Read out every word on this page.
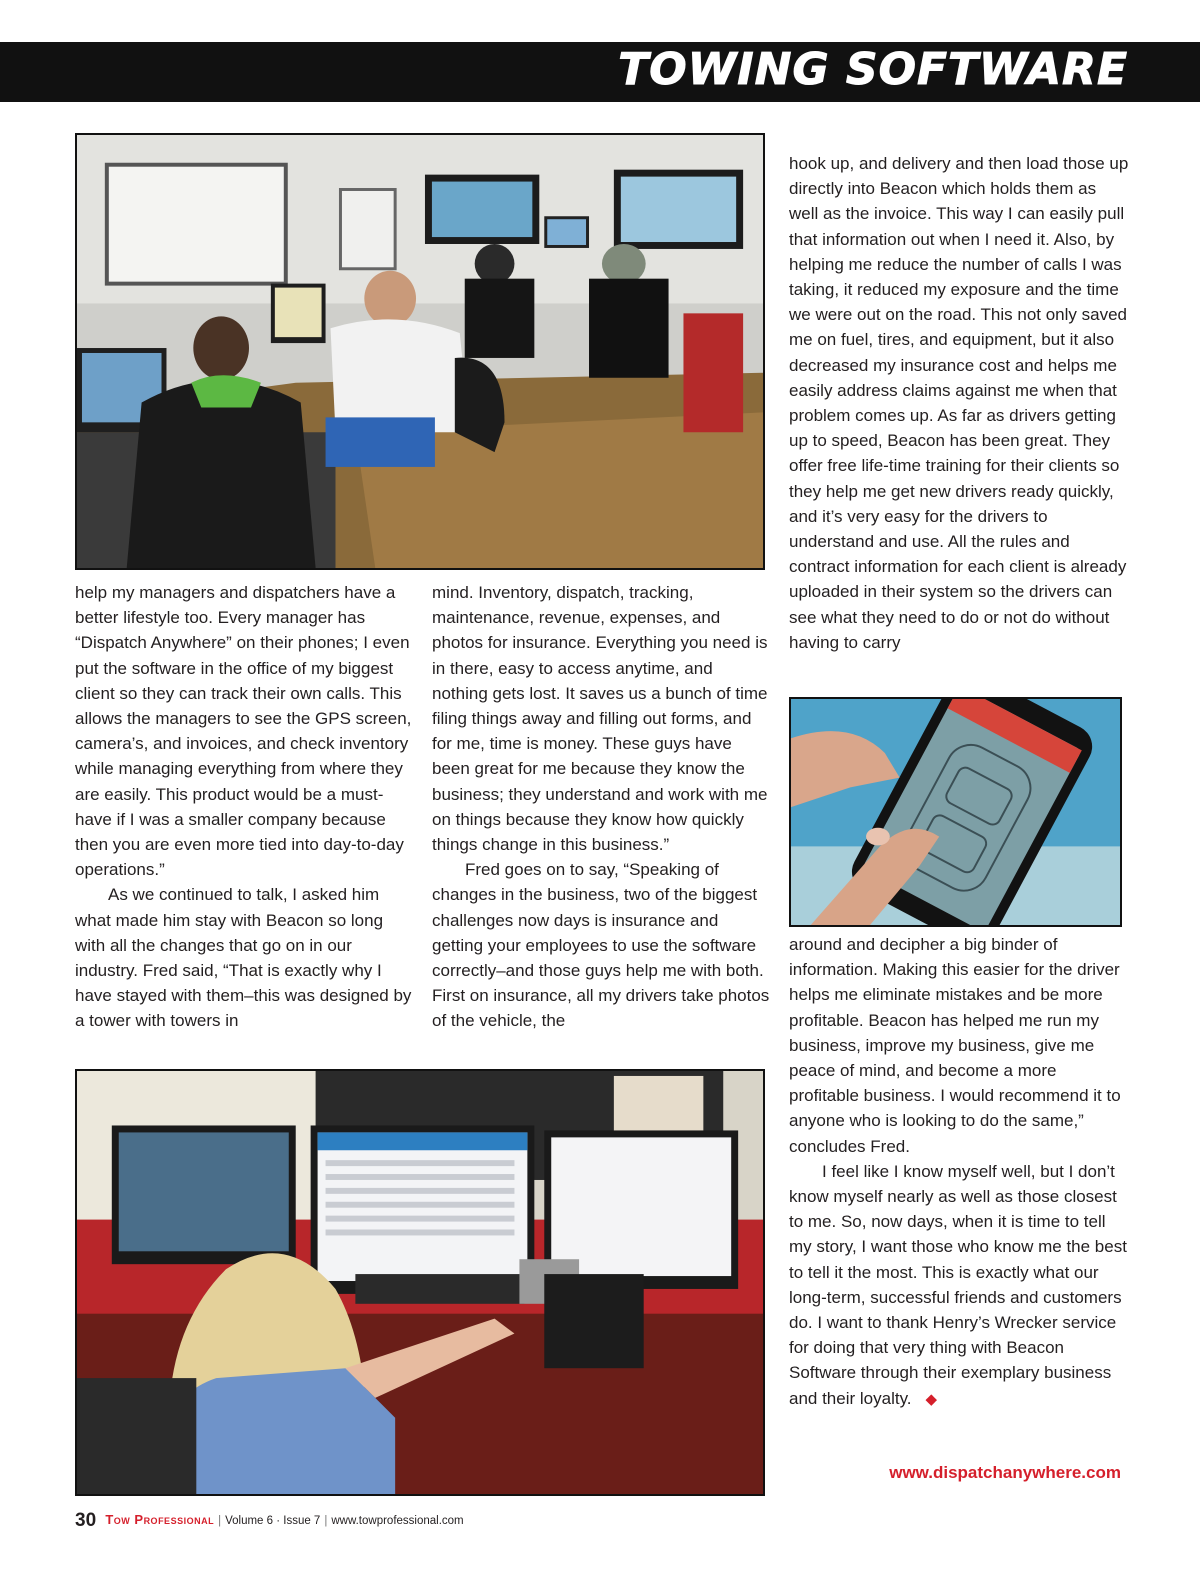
TOWING SOFTWARE

help my managers and dispatchers have a better lifestyle too. Every manager has “Dispatch Anywhere” on their phones; I even put the software in the office of my biggest client so they can track their own calls. This allows the managers to see the GPS screen, camera’s, and invoices, and check inventory while managing everything from where they are easily. This product would be a must-have if I was a smaller company because then you are even more tied into day-to-day operations.”

As we continued to talk, I asked him what made him stay with Beacon so long with all the changes that go on in our industry. Fred said, “That is exactly why I have stayed with them–this was designed by a tower with towers in

mind. Inventory, dispatch, tracking, maintenance, revenue, expenses, and photos for insurance. Everything you need is in there, easy to access anytime, and nothing gets lost. It saves us a bunch of time filing things away and filling out forms, and for me, time is money. These guys have been great for me because they know the business; they understand and work with me on things because they know how quickly things change in this business.”

Fred goes on to say, “Speaking of changes in the business, two of the biggest challenges now days is insurance and getting your employees to use the software correctly–and those guys help me with both. First on insurance, all my drivers take photos of the vehicle, the

hook up, and delivery and then load those up directly into Beacon which holds them as well as the invoice. This way I can easily pull that information out when I need it. Also, by helping me reduce the number of calls I was taking, it reduced my exposure and the time we were out on the road. This not only saved me on fuel, tires, and equipment, but it also decreased my insurance cost and helps me easily address claims against me when that problem comes up. As far as drivers getting up to speed, Beacon has been great. They offer free life-time training for their clients so they help me get new drivers ready quickly, and it’s very easy for the drivers to understand and use. All the rules and contract information for each client is already uploaded in their system so the drivers can see what they need to do or not do without having to carry

around and decipher a big binder of information. Making this easier for the driver helps me eliminate mistakes and be more profitable. Beacon has helped me run my business, improve my business, give me peace of mind, and become a more profitable business. I would recommend it to anyone who is looking to do the same,” concludes Fred.

I feel like I know myself well, but I don’t know myself nearly as well as those closest to me. So, now days, when it is time to tell my story, I want those who know me the best to tell it the most. This is exactly what our long-term, successful friends and customers do. I want to thank Henry’s Wrecker service for doing that very thing with Beacon Software through their exemplary business and their loyalty. ◆

www.dispatchanywhere.com
30 Tow Professional | Volume 6 · Issue 7 | www.towprofessional.com
